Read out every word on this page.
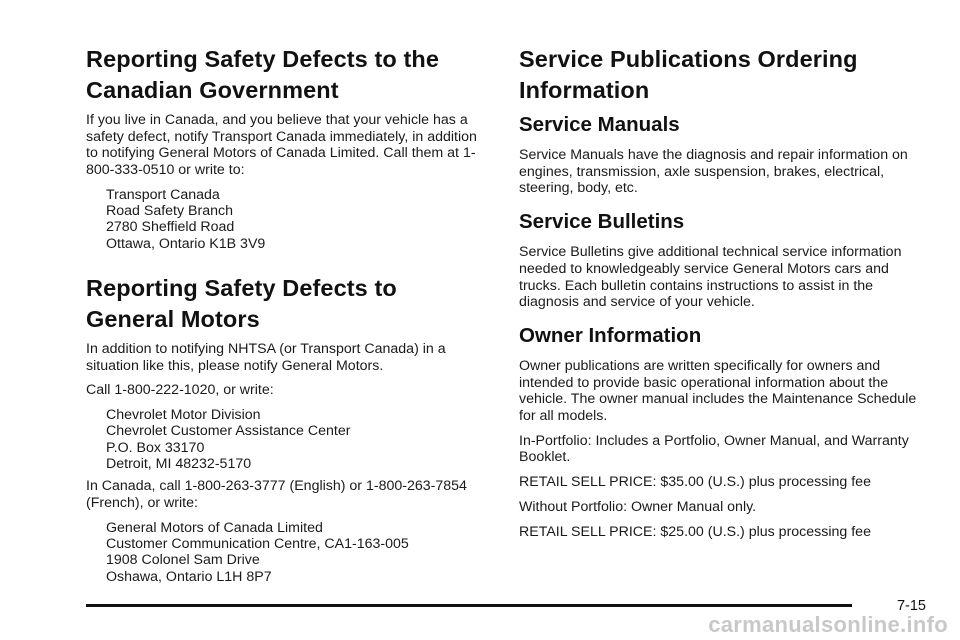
Reporting Safety Defects to the Canadian Government

If you live in Canada, and you believe that your vehicle has a safety defect, notify Transport Canada immediately, in addition to notifying General Motors of Canada Limited. Call them at 1-800-333-0510 or write to:

Transport Canada
Road Safety Branch
2780 Sheffield Road
Ottawa, Ontario K1B 3V9
Reporting Safety Defects to General Motors

In addition to notifying NHTSA (or Transport Canada) in a situation like this, please notify General Motors.

Call 1-800-222-1020, or write:

Chevrolet Motor Division
Chevrolet Customer Assistance Center
P.O. Box 33170
Detroit, MI 48232-5170

In Canada, call 1-800-263-3777 (English) or 1-800-263-7854 (French), or write:

General Motors of Canada Limited
Customer Communication Centre, CA1-163-005
1908 Colonel Sam Drive
Oshawa, Ontario L1H 8P7
Service Publications Ordering Information
Service Manuals

Service Manuals have the diagnosis and repair information on engines, transmission, axle suspension, brakes, electrical, steering, body, etc.

Service Bulletins

Service Bulletins give additional technical service information needed to knowledgeably service General Motors cars and trucks. Each bulletin contains instructions to assist in the diagnosis and service of your vehicle.

Owner Information

Owner publications are written specifically for owners and intended to provide basic operational information about the vehicle. The owner manual includes the Maintenance Schedule for all models.

In-Portfolio: Includes a Portfolio, Owner Manual, and Warranty Booklet.

RETAIL SELL PRICE: $35.00 (U.S.) plus processing fee

Without Portfolio: Owner Manual only.

RETAIL SELL PRICE: $25.00 (U.S.) plus processing fee

7-15
carmanualsonline.info
